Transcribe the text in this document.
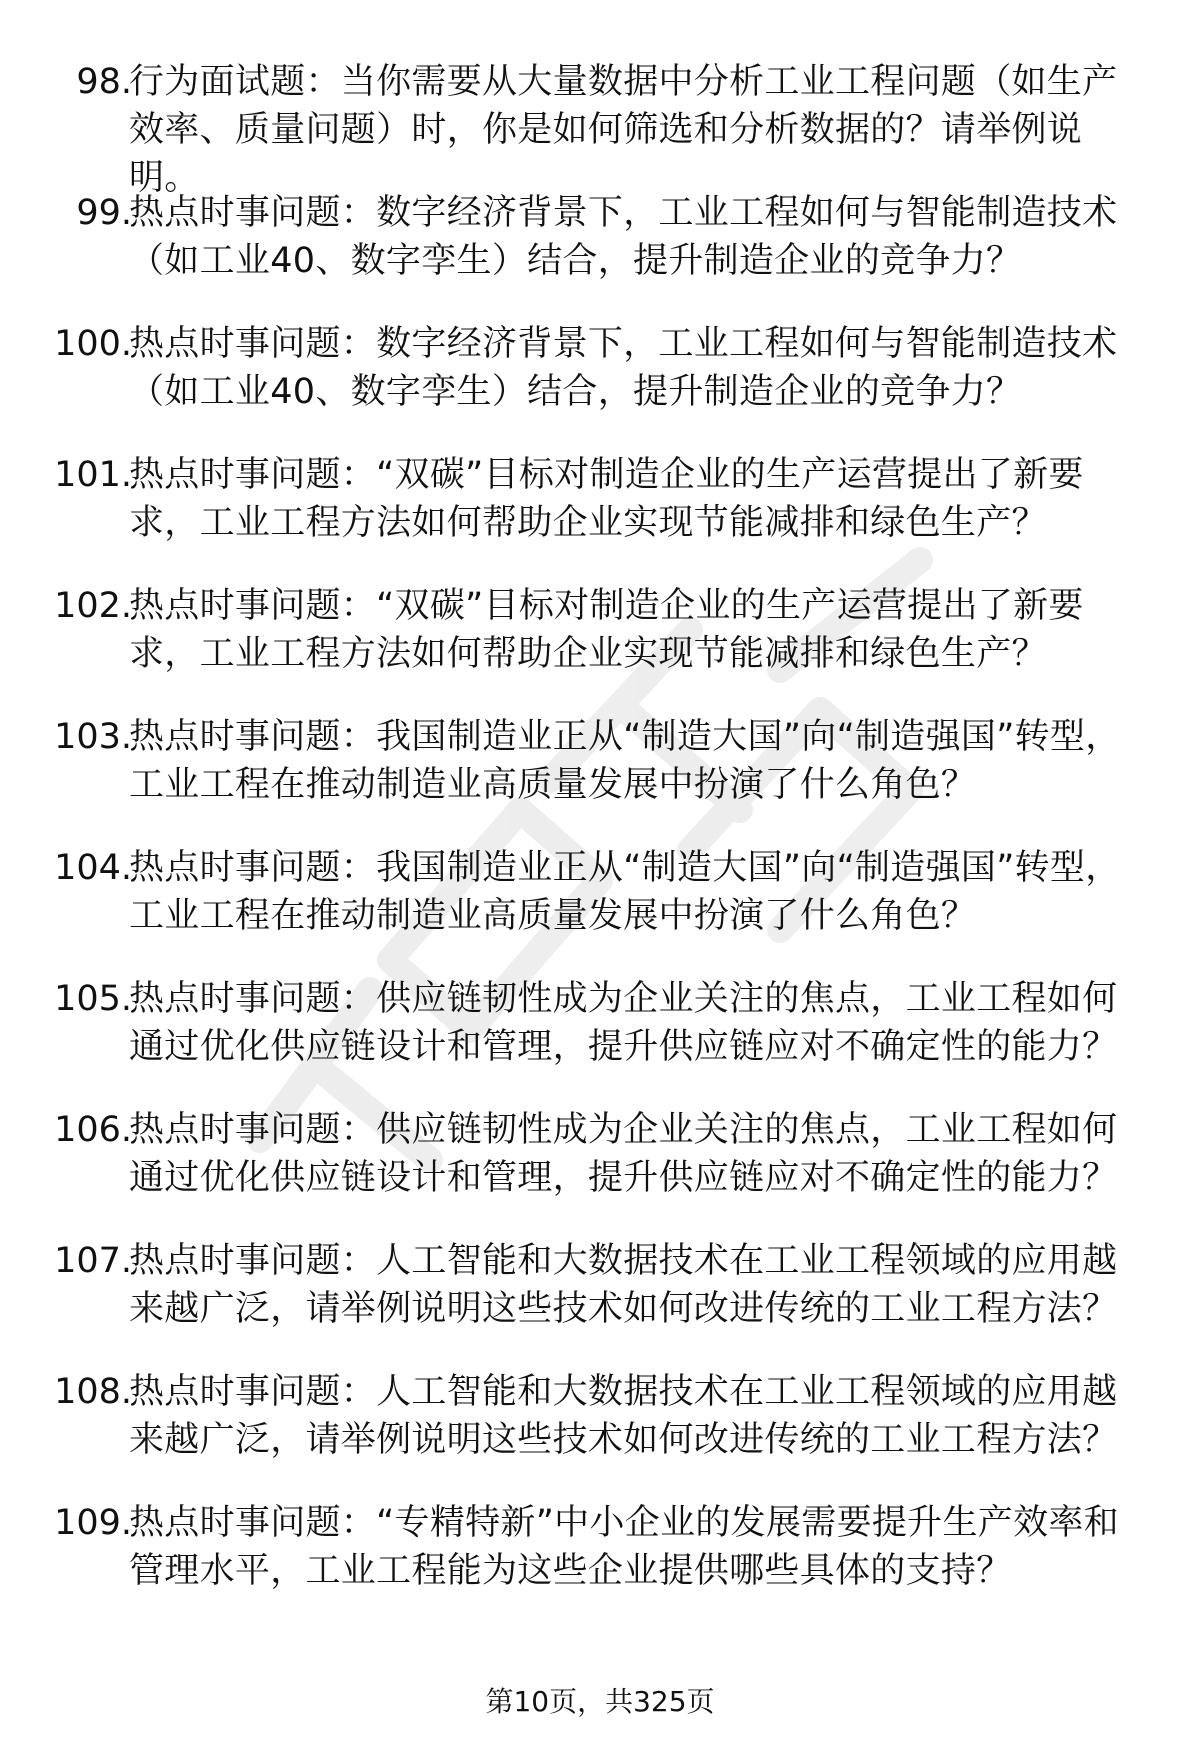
98.
行为面试题：当你需要从大量数据中分析工业工程问题（如生产效率、质量问题）时，你是如何筛选和分析数据的？请举例说明。
99.
热点时事问题：数字经济背景下，工业工程如何与智能制造技术（如工业40、数字孪生）结合，提升制造企业的竞争力？
100.
热点时事问题：数字经济背景下，工业工程如何与智能制造技术（如工业40、数字孪生）结合，提升制造企业的竞争力？
101.
热点时事问题：“双碳”目标对制造企业的生产运营提出了新要求，工业工程方法如何帮助企业实现节能减排和绿色生产？
102.
热点时事问题：“双碳”目标对制造企业的生产运营提出了新要求，工业工程方法如何帮助企业实现节能减排和绿色生产？
103.
热点时事问题：我国制造业正从“制造大国”向“制造强国”转型，工业工程在推动制造业高质量发展中扮演了什么角色？
104.
热点时事问题：我国制造业正从“制造大国”向“制造强国”转型，工业工程在推动制造业高质量发展中扮演了什么角色？
105.
热点时事问题：供应链韧性成为企业关注的焦点，工业工程如何通过优化供应链设计和管理，提升供应链应对不确定性的能力？
106.
热点时事问题：供应链韧性成为企业关注的焦点，工业工程如何通过优化供应链设计和管理，提升供应链应对不确定性的能力？
107.
热点时事问题：人工智能和大数据技术在工业工程领域的应用越来越广泛，请举例说明这些技术如何改进传统的工业工程方法？
108.
热点时事问题：人工智能和大数据技术在工业工程领域的应用越来越广泛，请举例说明这些技术如何改进传统的工业工程方法？
109.
热点时事问题：“专精特新”中小企业的发展需要提升生产效率和管理水平，工业工程能为这些企业提供哪些具体的支持？
第10页，共325页
